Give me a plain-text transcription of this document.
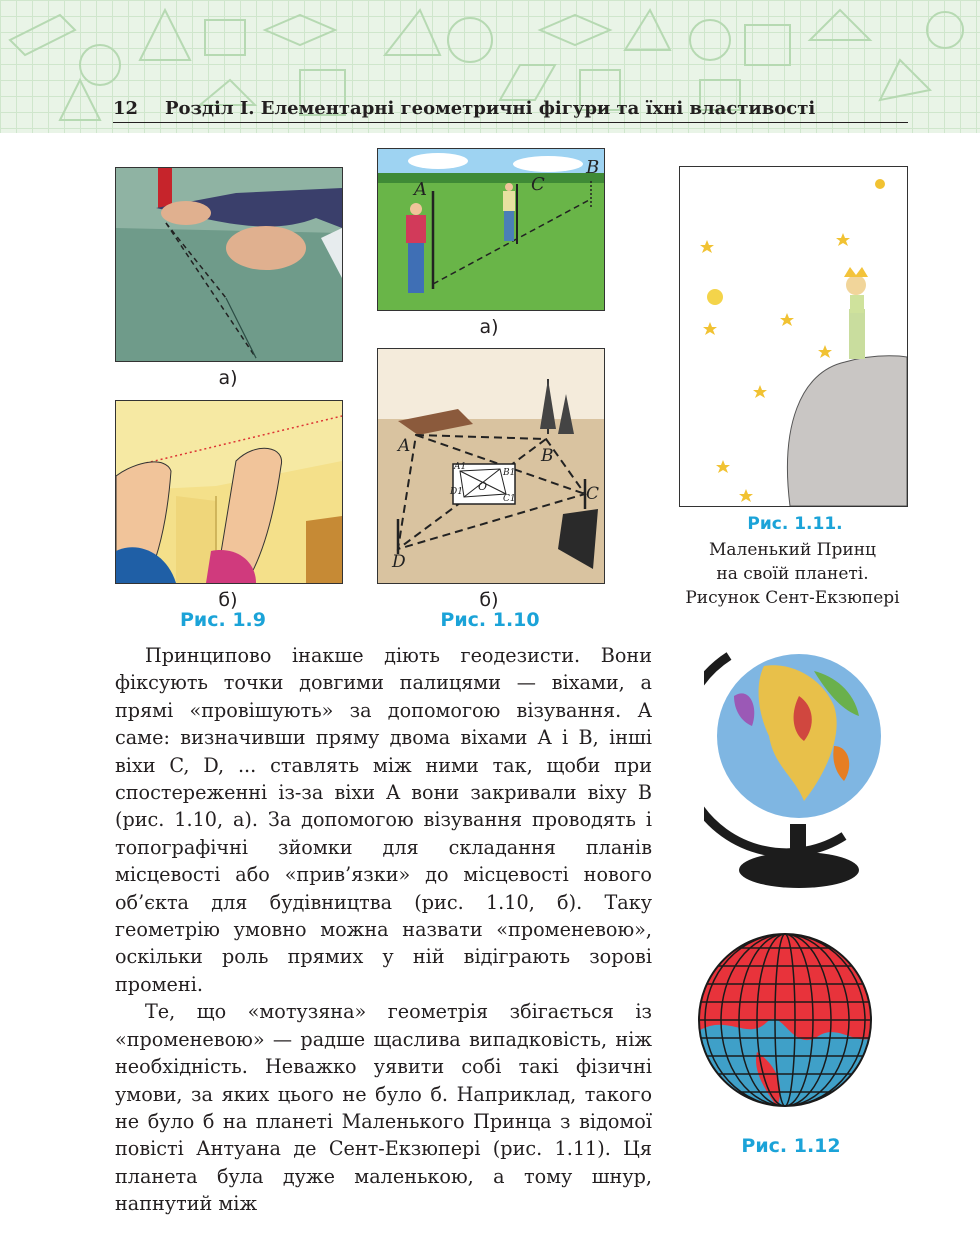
12 Розділ І. Елементарні геометричні фігури та їхні властивості
а)
б)
Рис. 1.9
A	C
B
а)
A	B
C
D
O
A1
B1
C1
D1
б)
Рис. 1.10
Рис. 1.11.
Маленький Принц
на своїй планеті.
Рисунок Сент-Екзюпері
Рис. 1.12

Принципово інакше діють геодезисти. Вони фіксують точки довгими палицями — віхами, а прямі «провішують» за допомогою візування. А саме: визначивши пряму двома віхами A і B, інші віхи C, D, ... ставлять між ними так, щоби при спостереженні із-за віхи A вони закривали віху B (рис. 1.10, а). За допомогою візування проводять і топографічні зйомки для складання планів місцевості або «прив’язки» до місцевості нового об’єкта для будівництва (рис. 1.10, б). Таку геометрію умовно можна назвати «променевою», оскільки роль прямих у ній відіграють зорові промені.

Те, що «мотузяна» геометрія збігається із «променевою» — радше щаслива випадковість, ніж необхідність. Неважко уявити собі такі фізичні умови, за яких цього не було б. Наприклад, такого не було б на планеті Маленького Принца з відомої повісті Антуана де Сент-Екзюпері (рис. 1.11). Ця планета була дуже маленькою, а тому шнур, напнутий між
